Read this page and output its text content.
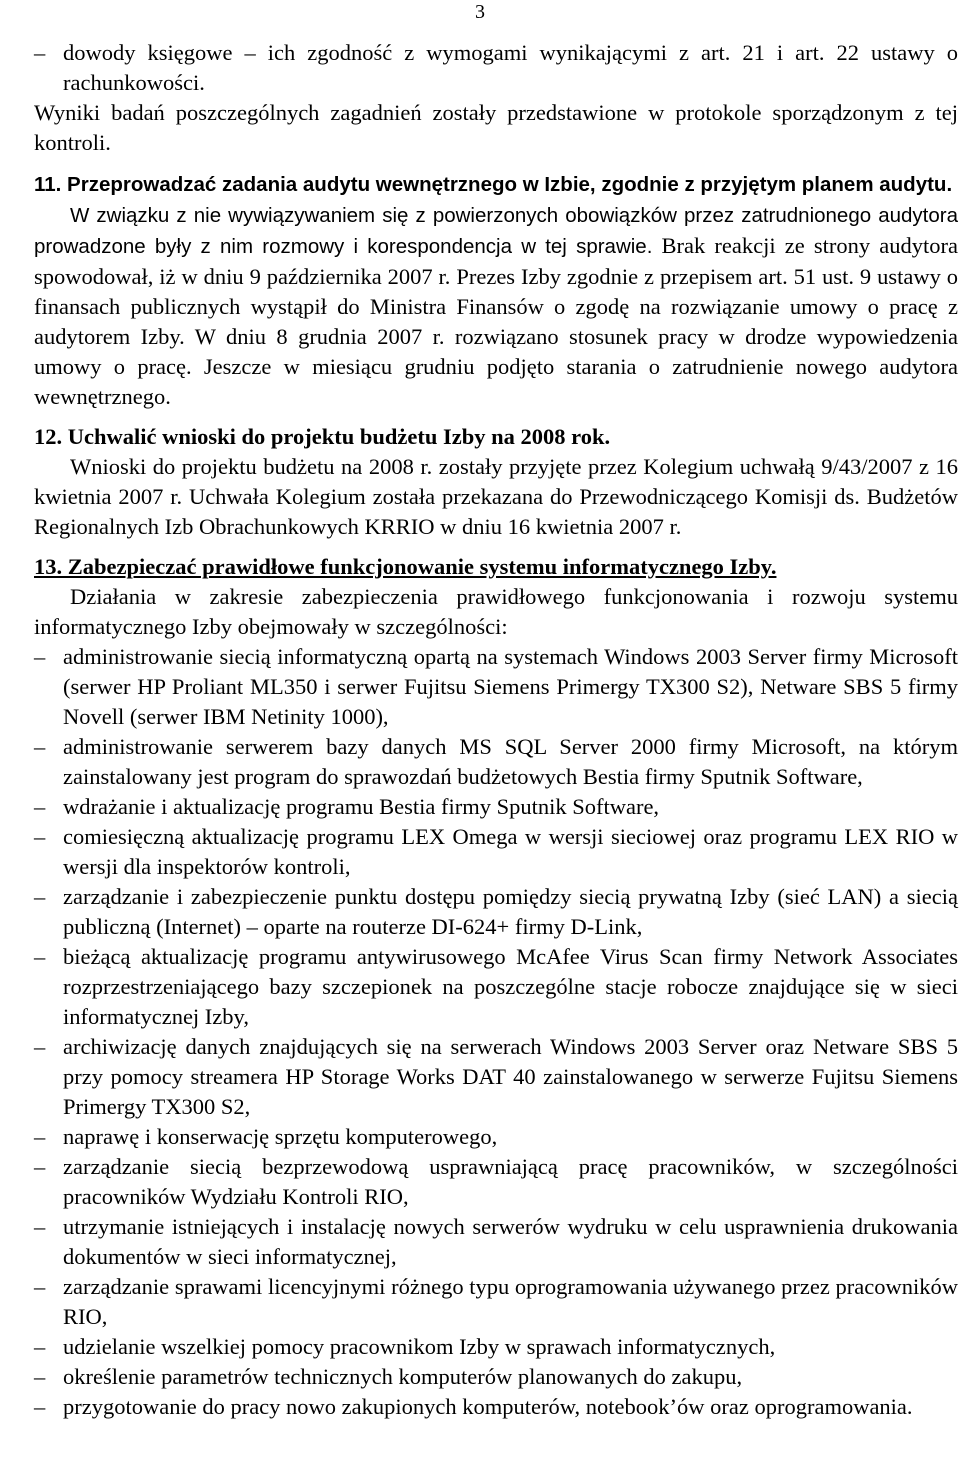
3
– dowody księgowe – ich zgodność z wymogami wynikającymi z art. 21 i art. 22 ustawy o rachunkowości.
Wyniki badań poszczególnych zagadnień zostały przedstawione w protokole sporządzonym z tej kontroli.
11. Przeprowadzać zadania audytu wewnętrznego w Izbie, zgodnie z przyjętym planem audytu.
W związku z nie wywiązywaniem się z powierzonych obowiązków przez zatrudnionego audytora prowadzone były z nim rozmowy i korespondencja w tej sprawie. Brak reakcji ze strony audytora spowodował, iż w dniu 9 października 2007 r. Prezes Izby zgodnie z przepisem art. 51 ust. 9 ustawy o finansach publicznych wystąpił do Ministra Finansów o zgodę na rozwiązanie umowy o pracę z audytorem Izby. W dniu 8 grudnia 2007 r. rozwiązano stosunek pracy w drodze wypowiedzenia umowy o pracę. Jeszcze w miesiącu grudniu podjęto starania o zatrudnienie nowego audytora wewnętrznego.
12. Uchwalić wnioski do projektu budżetu Izby na 2008 rok.
Wnioski do projektu budżetu na 2008 r. zostały przyjęte przez Kolegium uchwałą 9/43/2007 z 16 kwietnia 2007 r. Uchwała Kolegium została przekazana do Przewodniczącego Komisji ds. Budżetów Regionalnych Izb Obrachunkowych KRRIO w dniu 16 kwietnia 2007 r.
13. Zabezpieczać prawidłowe funkcjonowanie systemu informatycznego Izby.
Działania w zakresie zabezpieczenia prawidłowego funkcjonowania i rozwoju systemu informatycznego Izby obejmowały w szczególności:
– administrowanie siecią informatyczną opartą na systemach Windows 2003 Server firmy Microsoft (serwer HP Proliant ML350 i serwer Fujitsu Siemens Primergy TX300 S2), Netware SBS 5 firmy Novell (serwer IBM Netinity 1000),
– administrowanie serwerem bazy danych MS SQL Server 2000 firmy Microsoft, na którym zainstalowany jest program do sprawozdań budżetowych Bestia firmy Sputnik Software,
– wdrażanie i aktualizację programu Bestia firmy Sputnik Software,
– comiesięczną aktualizację programu LEX Omega w wersji sieciowej oraz programu LEX RIO w wersji dla inspektorów kontroli,
– zarządzanie i zabezpieczenie punktu dostępu pomiędzy siecią prywatną Izby (sieć LAN) a siecią publiczną (Internet) – oparte na routerze DI-624+ firmy D-Link,
– bieżącą aktualizację programu antywirusowego McAfee Virus Scan firmy Network Associates rozprzestrzeniającego bazy szczepionek na poszczególne stacje robocze znajdujące się w sieci informatycznej Izby,
– archiwizację danych znajdujących się na serwerach Windows 2003 Server oraz Netware SBS 5 przy pomocy streamera HP Storage Works DAT 40 zainstalowanego w serwerze Fujitsu Siemens Primergy TX300 S2,
– naprawę i konserwację sprzętu komputerowego,
– zarządzanie siecią bezprzewodową usprawniającą pracę pracowników, w szczególności pracowników Wydziału Kontroli RIO,
– utrzymanie istniejących i instalację nowych serwerów wydruku w celu usprawnienia drukowania dokumentów w sieci informatycznej,
– zarządzanie sprawami licencyjnymi różnego typu oprogramowania używanego przez pracowników RIO,
– udzielanie wszelkiej pomocy pracownikom Izby w sprawach informatycznych,
– określenie parametrów technicznych komputerów planowanych do zakupu,
– przygotowanie do pracy nowo zakupionych komputerów, notebook’ów oraz oprogramowania.
